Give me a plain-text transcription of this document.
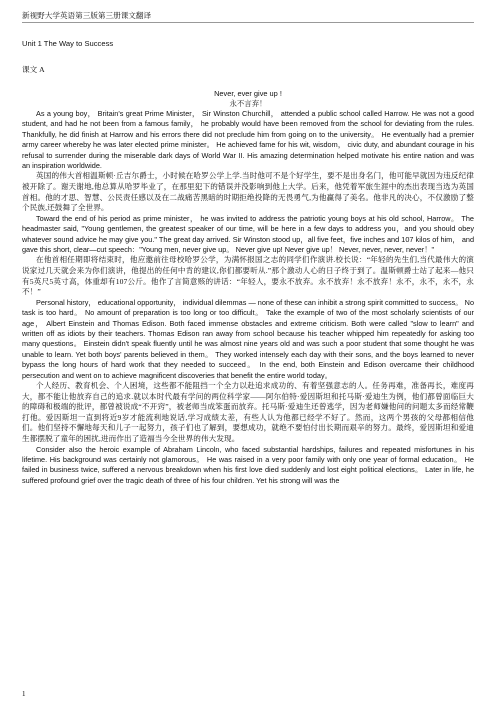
新视野大学英语第三版第三册课文翻译
Unit 1 The Way to Success
课文 A
Never, ever give up !
永不言弃！

As a young boy， Britain's great Prime Minister， Sir Winston Churchill， attended a public school called Harrow. He was not a good student, and had he not been from a famous family， he probably would have been removed from the school for deviating from the rules. Thankfully, he did finish at Harrow and his errors there did not preclude him from going on to the university。 He eventually had a premier army career whereby he was later elected prime minister。 He achieved fame for his wit, wisdom， civic duty, and abundant courage in his refusal to surrender during the miserable dark days of World War II. His amazing determination helped motivate his entire nation and was an inspiration worldwide.

英国的伟大首相温斯顿·丘吉尔爵士，小时候在哈罗公学上学.当时他可不是个好学生，要不是出身名门，他可能早就因为违反纪律被开除了。谢天谢地,他总算从哈罗毕业了，在那里犯下的错误并没影响到他上大学。后来，他凭着军旅生涯中的杰出表现当选为英国首相。他的才思、智慧、公民责任感以及在二战痛苦黑暗的时期拒绝投降的无畏勇气,为他赢得了美名。他非凡的决心，不仅激励了整个民族,还鼓舞了全世界。

Toward the end of his period as prime minister， he was invited to address the patriotic young boys at his old school, Harrow。 The headmaster said, "Young gentlemen, the greatest speaker of our time, will be here in a few days to address you，and you should obey whatever sound advice he may give you." The great day arrived. Sir Winston stood up，all five feet，five inches and 107 kilos of him， and gave this short, clear—cut speech："Young men, never give up。 Never give up! Never give up！ Never, never, never, never！"

在他首相任期即将结束时，他应邀前往母校哈罗公学，为满怀报国之志的同学们作演讲.校长说：“年轻的先生们,当代最伟大的演说家过几天就会来为你们演讲，他提出的任何中肯的建议,你们都要听从.”那个激动人心的日子终于到了。温斯顿爵士站了起来—他只有5英尺5英寸高，体重却有107公斤。他作了言简意赅的讲话：“年轻人，要永不放弃。永不放弃！永不放弃！永不，永不，永不，永不！”

Personal history， educational opportunity， individual dilemmas — none of these can inhibit a strong spirit committed to success。 No task is too hard。 No amount of preparation is too long or too difficult。 Take the example of two of the most scholarly scientists of our age， Albert Einstein and Thomas Edison. Both faced immense obstacles and extreme criticism. Both were called "slow to learn" and written off as idiots by their teachers. Thomas Edison ran away from school because his teacher whipped him repeatedly for asking too many questions。 Einstein didn't speak fluently until he was almost nine years old and was such a poor student that some thought he was unable to learn. Yet both boys' parents believed in them。 They worked intensely each day with their sons, and the boys learned to never bypass the long hours of hard work that they needed to succeed。 In the end, both Einstein and Edison overcame their childhood persecution and went on to achieve magnificent discoveries that benefit the entire world today。

个人经历、教育机会、个人困境，这些都不能阻挡一个全力以赴追求成功的、有着坚强意志的人。任务再难，准备再长，难度再大，都不能让他放弃自己的追求.就以本时代最有学问的两位科学家——阿尔伯特·爱因斯坦和托马斯·爱迪生为例，他们都曾面临巨大的障碍和极端的批评，都曾被说成“不开窍”，被老师当成笨蛋而放弃。托马斯·爱迪生还曾逃学，因为老师嫌他问的问题太多而经常鞭打他。爱因斯坦一直到将近9岁才能流利地说话,学习成绩太差，有些人认为他都已经学不好了。然而，这两个男孩的父母都相信他们。他们坚持不懈地每天和儿子一起努力，孩子们也了解到，要想成功，就绝不要怕付出长期而艰辛的努力。最终，爱因斯坦和爱迪生都摆脱了童年的困扰,进而作出了造福当今全世界的伟大发现。

Consider also the heroic example of Abraham Lincoln, who faced substantial hardships, failures and repeated misfortunes in his lifetime. His background was certainly not glamorous。 He was raised in a very poor family with only one year of formal education。 He failed in business twice, suffered a nervous breakdown when his first love died suddenly and lost eight political elections。 Later in life, he suffered profound grief over the tragic death of three of his four children. Yet his strong will was the

1
